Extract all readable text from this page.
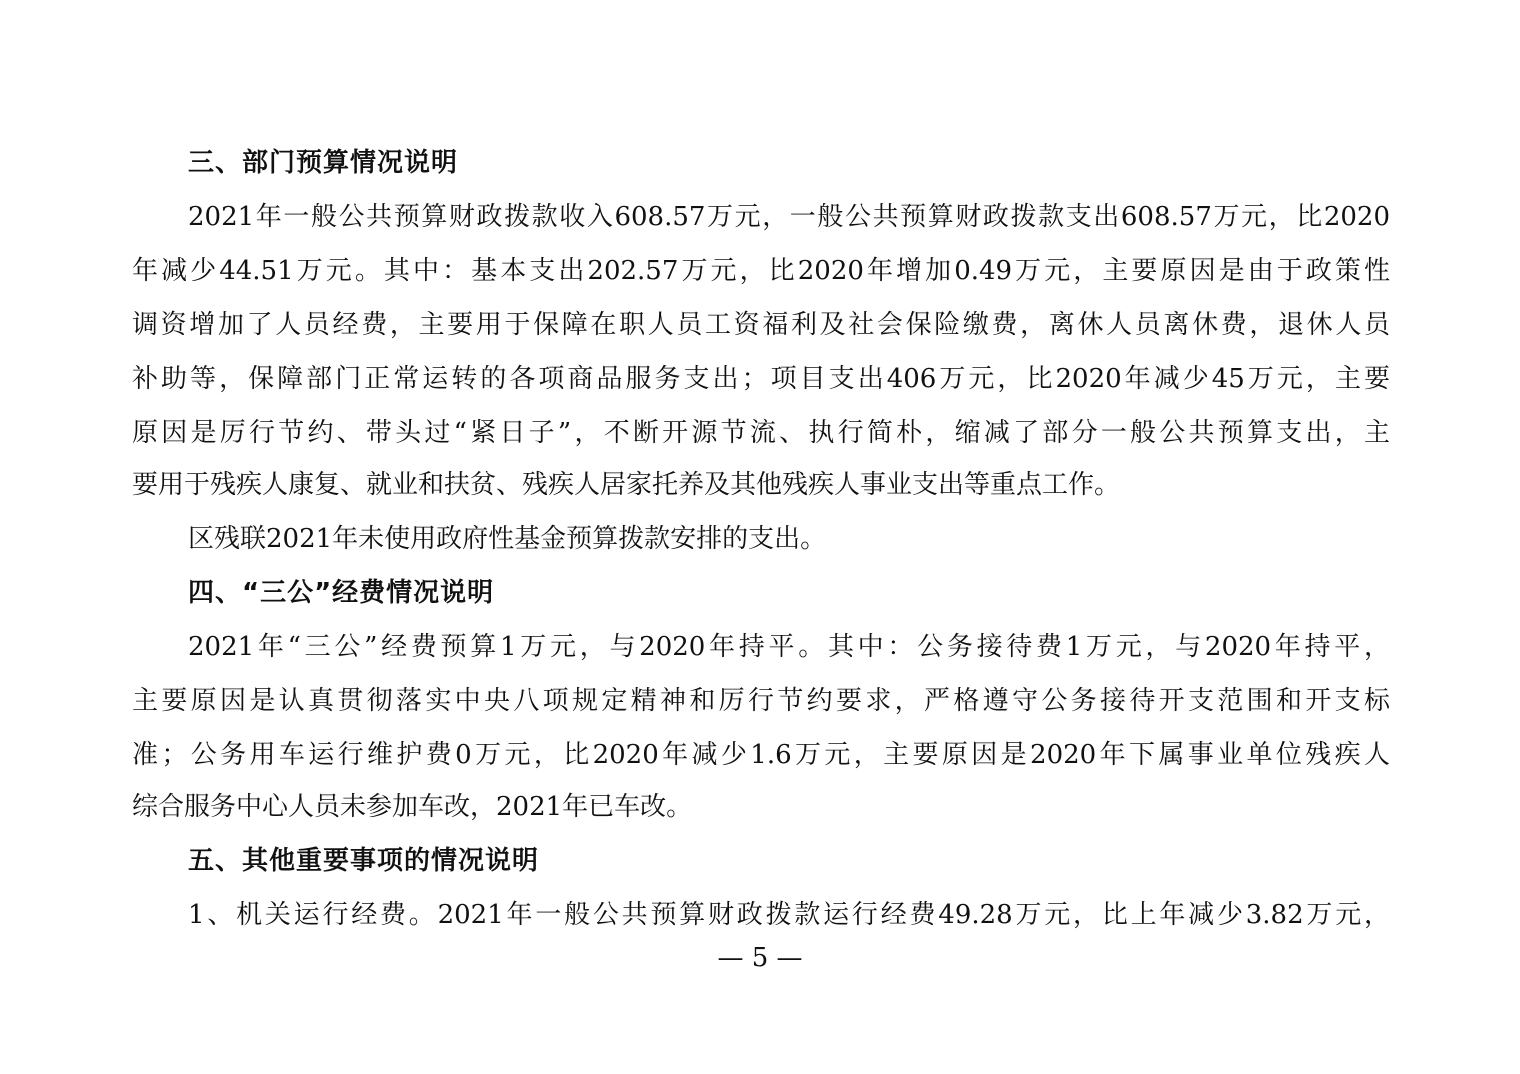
三、部门预算情况说明
2021年一般公共预算财政拨款收入608.57万元，一般公共预算财政拨款支出608.57万元，比2020
年减少44.51万元。其中：基本支出202.57万元，比2020年增加0.49万元，主要原因是由于政策性
调资增加了人员经费，主要用于保障在职人员工资福利及社会保险缴费，离休人员离休费，退休人员
补助等，保障部门正常运转的各项商品服务支出；项目支出406万元，比2020年减少45万元，主要
原因是厉行节约、带头过“紧日子”，不断开源节流、执行简朴，缩减了部分一般公共预算支出，主
要用于残疾人康复、就业和扶贫、残疾人居家托养及其他残疾人事业支出等重点工作。
区残联2021年未使用政府性基金预算拨款安排的支出。
四、“三公”经费情况说明
2021年“三公”经费预算1万元，与2020年持平。其中：公务接待费1万元，与2020年持平，
主要原因是认真贯彻落实中央八项规定精神和厉行节约要求，严格遵守公务接待开支范围和开支标
准；公务用车运行维护费0万元，比2020年减少1.6万元，主要原因是2020年下属事业单位残疾人
综合服务中心人员未参加车改，2021年已车改。
五、其他重要事项的情况说明
1、机关运行经费。2021年一般公共预算财政拨款运行经费49.28万元，比上年减少3.82万元，
— 5 —
